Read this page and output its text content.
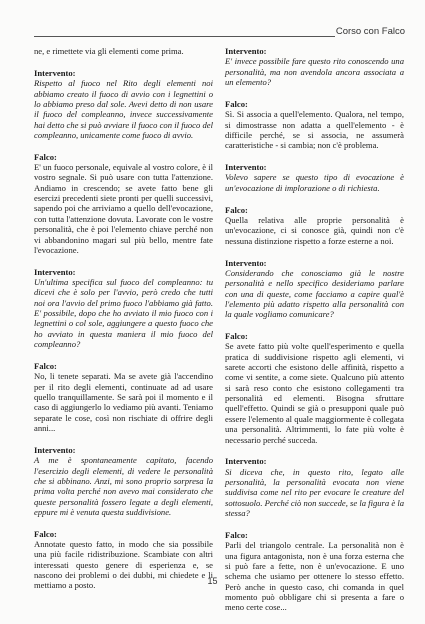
Corso con Falco
ne, e rimettete via gli elementi come prima.
Intervento:
Rispetto al fuoco nel Rito degli elementi noi abbiamo creato il fuoco di avvio con i legnettini o lo abbiamo preso dal sole. Avevi detto di non usare il fuoco del compleanno, invece successivamente hai detto che si può avviare il fuoco con il fuoco del compleanno, unicamente come fuoco di avvio.
Falco:
E' un fuoco personale, equivale al vostro colore, è il vostro segnale. Si può usare con tutta l'attenzione. Andiamo in crescendo; se avete fatto bene gli esercizi precedenti siete pronti per quelli successivi, sapendo poi che arriviamo a quello dell'evocazione, con tutta l'attenzione dovuta. Lavorate con le vostre personalità, che è poi l'elemento chiave perché non vi abbandonino magari sul più bello, mentre fate l'evocazione.
Intervento:
Un'ultima specifica sul fuoco del compleanno: tu dicevi che è solo per l'avvio, però credo che tutti noi ora l'avvio del primo fuoco l'abbiamo già fatto. E' possibile, dopo che ho avviato il mio fuoco con i legnettini o col sole, aggiungere a questo fuoco che ho avviato in questa maniera il mio fuoco del compleanno?
Falco:
No, li tenete separati. Ma se avete già l'accendino per il rito degli elementi, continuate ad ad usare quello tranquillamente. Se sarà poi il momento e il caso di aggiungerlo lo vediamo più avanti. Teniamo separate le cose, così non rischiate di offrire degli anni...
Intervento:
A me è spontaneamente capitato, facendo l'esercizio degli elementi, di vedere le personalità che si abbinano. Anzi, mi sono proprio sorpresa la prima volta perché non avevo mai considerato che queste personalità fossero legate a degli elementi, eppure mi è venuta questa suddivisione.
Falco:
Annotate questo fatto, in modo che sia possibile una più facile ridistribuzione. Scambiate con altri interessati questo genere di esperienza e, se nascono dei problemi o dei dubbi, mi chiedete e li mettiamo a posto.
Intervento:
E' invece possibile fare questo rito conoscendo una personalità, ma non avendola ancora associata a un elemento?
Falco:
Sì. Si associa a quell'elemento. Qualora, nel tempo, si dimostrasse non adatta a quell'elemento - è difficile perché, se si associa, ne assumerà caratteristiche - si cambia; non c'è problema.
Intervento:
Volevo sapere se questo tipo di evocazione è un'evocazione di implorazione o di richiesta.
Falco:
Quella relativa alle proprie personalità è un'evocazione, ci si conosce già, quindi non c'è nessuna distinzione rispetto a forze esterne a noi.
Intervento:
Considerando che conosciamo già le nostre personalità e nello specifico desideriamo parlare con una di queste, come facciamo a capire qual'è l'elemento più adatto rispetto alla personalità con la quale vogliamo comunicare?
Falco:
Se avete fatto più volte quell'esperimento e quella pratica di suddivisione rispetto agli elementi, vi sarete accorti che esistono delle affinità, rispetto a come vi sentite, a come siete. Qualcuno più attento si sarà reso conto che esistono collegamenti tra personalità ed elementi. Bisogna sfruttare quell'effetto. Quindi se già o presupponi quale può essere l'elemento al quale maggiormente è collegata una personalità. Altrimmenti, lo fate più volte è necessario perché succeda.
Intervento:
Si diceva che, in questo rito, legato alle personalità, la personalità evocata non viene suddivisa come nel rito per evocare le creature del sottosuolo. Perché ciò non succede, se la figura è la stessa?
Falco:
Parli del triangolo centrale. La personalità non è una figura antagonista, non è una forza esterna che si può fare a fette, non è un'evocazione. E uno schema che usiamo per ottenere lo stesso effetto. Però anche in questo caso, chi comanda in quel momento può obbligare chi si presenta a fare o meno certe cose...
15
